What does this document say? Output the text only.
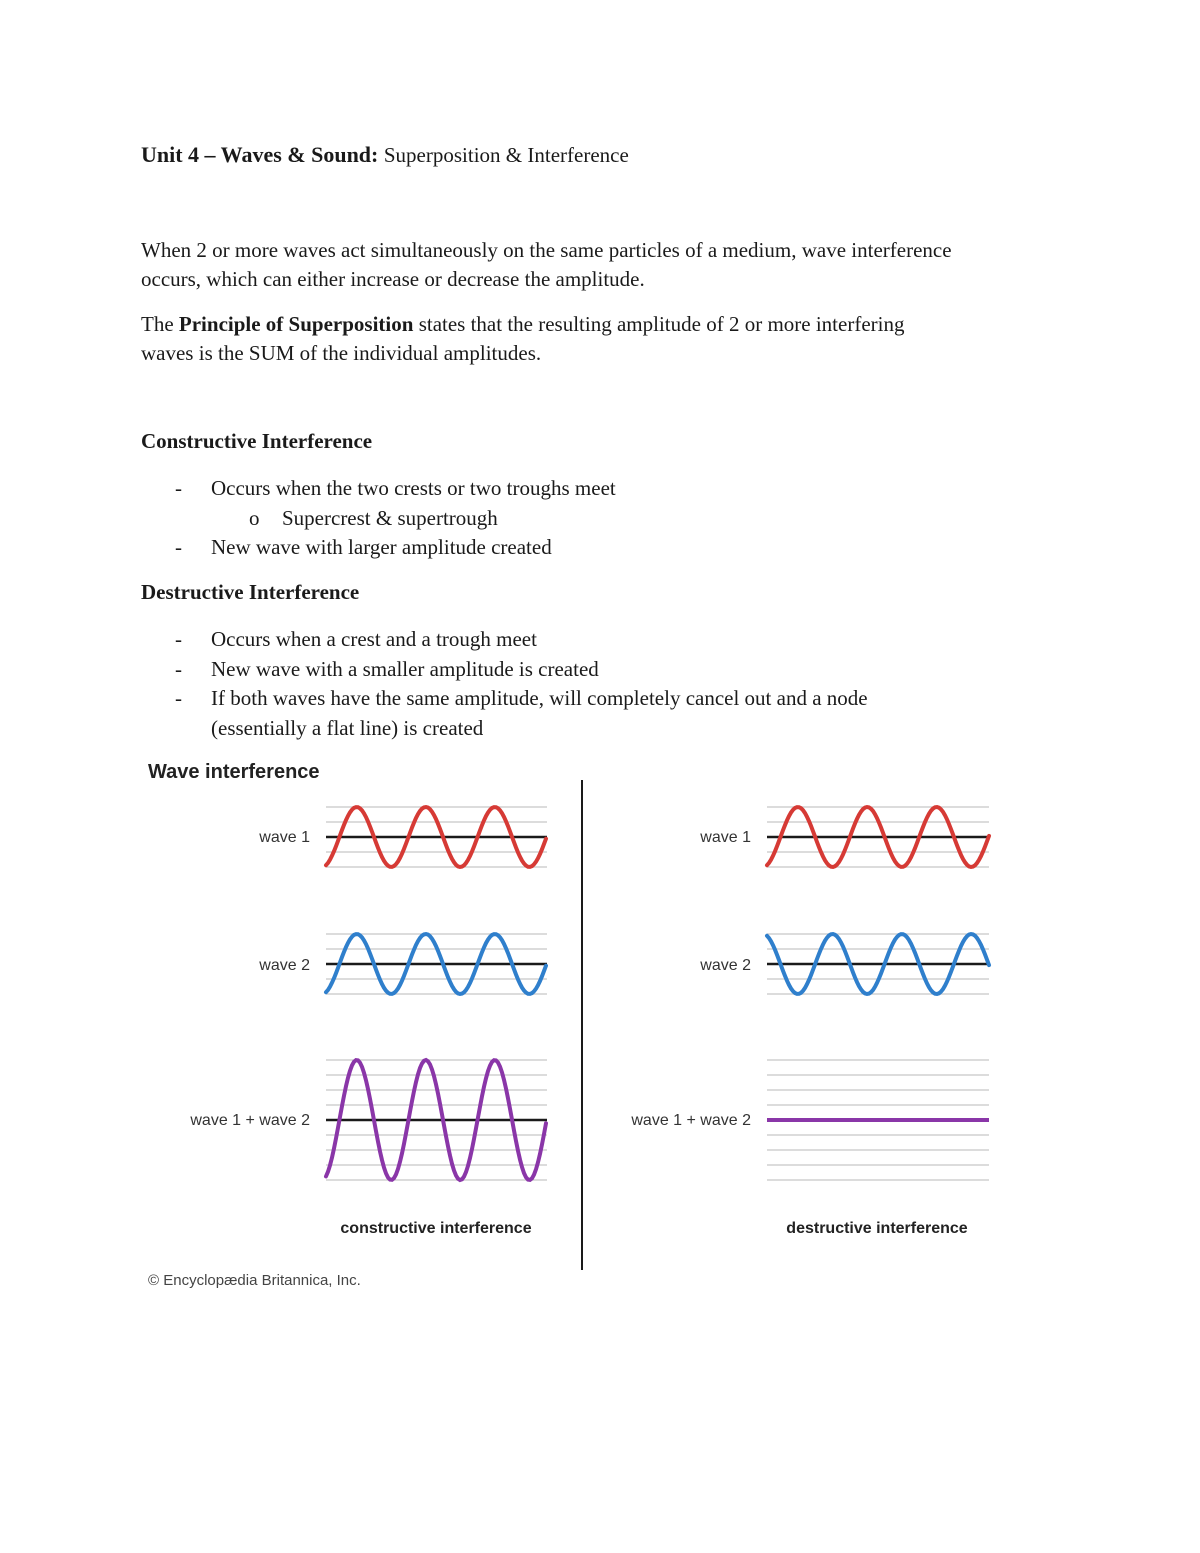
Unit 4 – Waves & Sound: Superposition & Interference
When 2 or more waves act simultaneously on the same particles of a medium, wave interference
occurs, which can either increase or decrease the amplitude.
The Principle of Superposition states that the resulting amplitude of 2 or more interfering
waves is the SUM of the individual amplitudes.
Constructive Interference
- Occurs when the two crests or two troughs meet
o Supercrest & supertrough
- New wave with larger amplitude created
Destructive Interference
- Occurs when a crest and a trough meet
- New wave with a smaller amplitude is created
- If both waves have the same amplitude, will completely cancel out and a node
(essentially a flat line) is created
Wave interference
wave 1
wave 2
wave 1 + wave 2
wave 1
wave 2
wave 1 + wave 2
constructive interference	destructive interference
© Encyclopædia Britannica, Inc.
